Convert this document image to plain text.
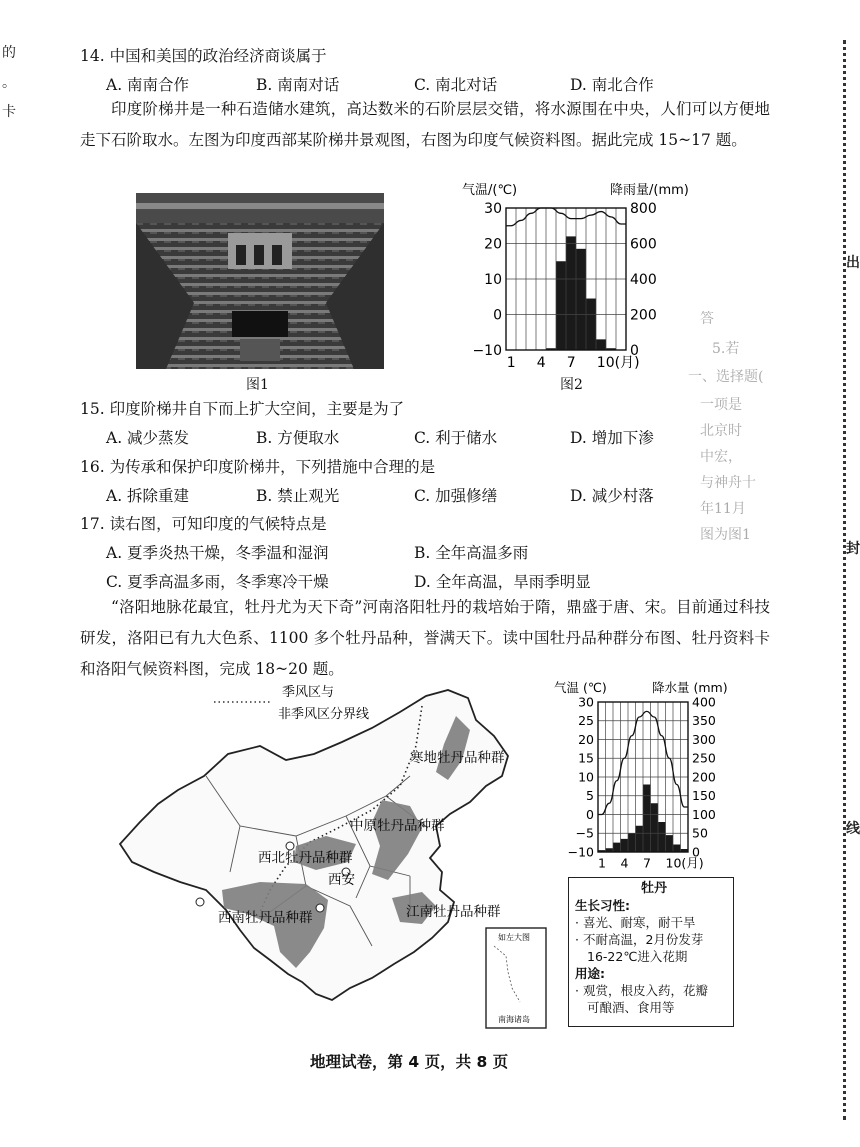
的
。
卡
出
封
线
答
5.若
一、选择题(
一项是
北京时
中宏，
与神舟十
年11月
图为图1
14. 中国和美国的政治经济商谈属于
A. 南南合作	B. 南南对话	C. 南北对话	D. 南北合作
印度阶梯井是一种石造储水建筑，高达数米的石阶层层交错，将水源围在中央，人们可以方便地走下石阶取水。左图为印度西部某阶梯井景观图，右图为印度气候资料图。据此完成 15~17 题。
图1
气温/(℃)	降雨量/(mm)
30
20
10
0
−10
800
600
400
200
0
1 4 7 10(月)
图2
15. 印度阶梯井自下而上扩大空间，主要是为了
A. 减少蒸发	B. 方便取水	C. 利于储水	D. 增加下渗
16. 为传承和保护印度阶梯井，下列措施中合理的是
A. 拆除重建	B. 禁止观光	C. 加强修缮	D. 减少村落
17. 读右图，可知印度的气候特点是
A. 夏季炎热干燥，冬季温和湿润	B. 全年高温多雨
C. 夏季高温多雨，冬季寒冷干燥	D. 全年高温，旱雨季明显
“洛阳地脉花最宜，牡丹尤为天下奇”河南洛阳牡丹的栽培始于隋，鼎盛于唐、宋。目前通过科技研发，洛阳已有九大色系、1100 多个牡丹品种，誉满天下。读中国牡丹品种群分布图、牡丹资料卡和洛阳气候资料图，完成 18~20 题。
季风区与
非季风区分界线
寒地牡丹品种群
中原牡丹品种群
西北牡丹品种群
西安
西南牡丹品种群	江南牡丹品种群
如左大图
南海诸岛
气温 (℃)	降水量 (mm)
30
25
20
15
10
5
0
−5
−10
400
350
300
250
200
150
100
50
0
1 4 7 10(月)
牡丹
生长习性:
· 喜光、耐寒，耐干旱
· 不耐高温，2月份发芽
16-22℃进入花期
用途:
· 观赏，根皮入药，花瓣
可酿酒、食用等
地理试卷，第 4 页，共 8 页
